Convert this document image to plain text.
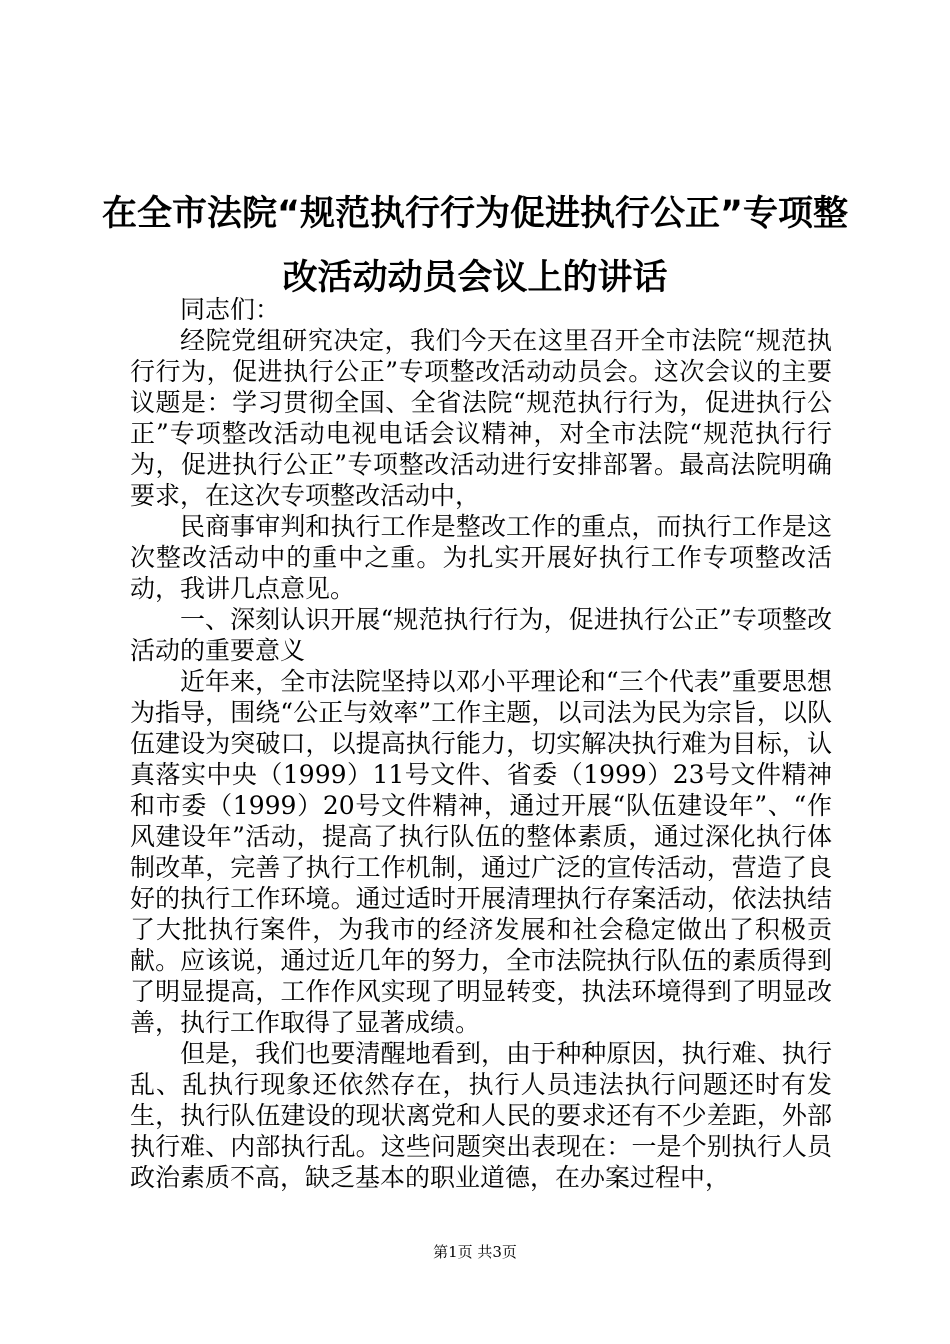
在全市法院“规范执行行为促进执行公正”专项整改活动动员会议上的讲话

同志们：

经院党组研究决定，我们今天在这里召开全市法院“规范执行行为，促进执行公正”专项整改活动动员会。这次会议的主要议题是：学习贯彻全国、全省法院“规范执行行为，促进执行公正”专项整改活动电视电话会议精神，对全市法院“规范执行行为，促进执行公正”专项整改活动进行安排部署。最高法院明确要求，在这次专项整改活动中，

民商事审判和执行工作是整改工作的重点，而执行工作是这次整改活动中的重中之重。为扎实开展好执行工作专项整改活动，我讲几点意见。

一、深刻认识开展“规范执行行为，促进执行公正”专项整改活动的重要意义

近年来，全市法院坚持以邓小平理论和“三个代表”重要思想为指导，围绕“公正与效率”工作主题，以司法为民为宗旨，以队伍建设为突破口，以提高执行能力，切实解决执行难为目标，认真落实中央（1999）11号文件、省委（1999）23号文件精神和市委（1999）20号文件精神，通过开展“队伍建设年”、“作风建设年”活动，提高了执行队伍的整体素质，通过深化执行体制改革，完善了执行工作机制，通过广泛的宣传活动，营造了良好的执行工作环境。通过适时开展清理执行存案活动，依法执结了大批执行案件，为我市的经济发展和社会稳定做出了积极贡献。应该说，通过近几年的努力，全市法院执行队伍的素质得到了明显提高，工作作风实现了明显转变，执法环境得到了明显改善，执行工作取得了显著成绩。

但是，我们也要清醒地看到，由于种种原因，执行难、执行乱、乱执行现象还依然存在，执行人员违法执行问题还时有发生，执行队伍建设的现状离党和人民的要求还有不少差距，外部执行难、内部执行乱。这些问题突出表现在：一是个别执行人员政治素质不高，缺乏基本的职业道德，在办案过程中，

第1页 共3页
